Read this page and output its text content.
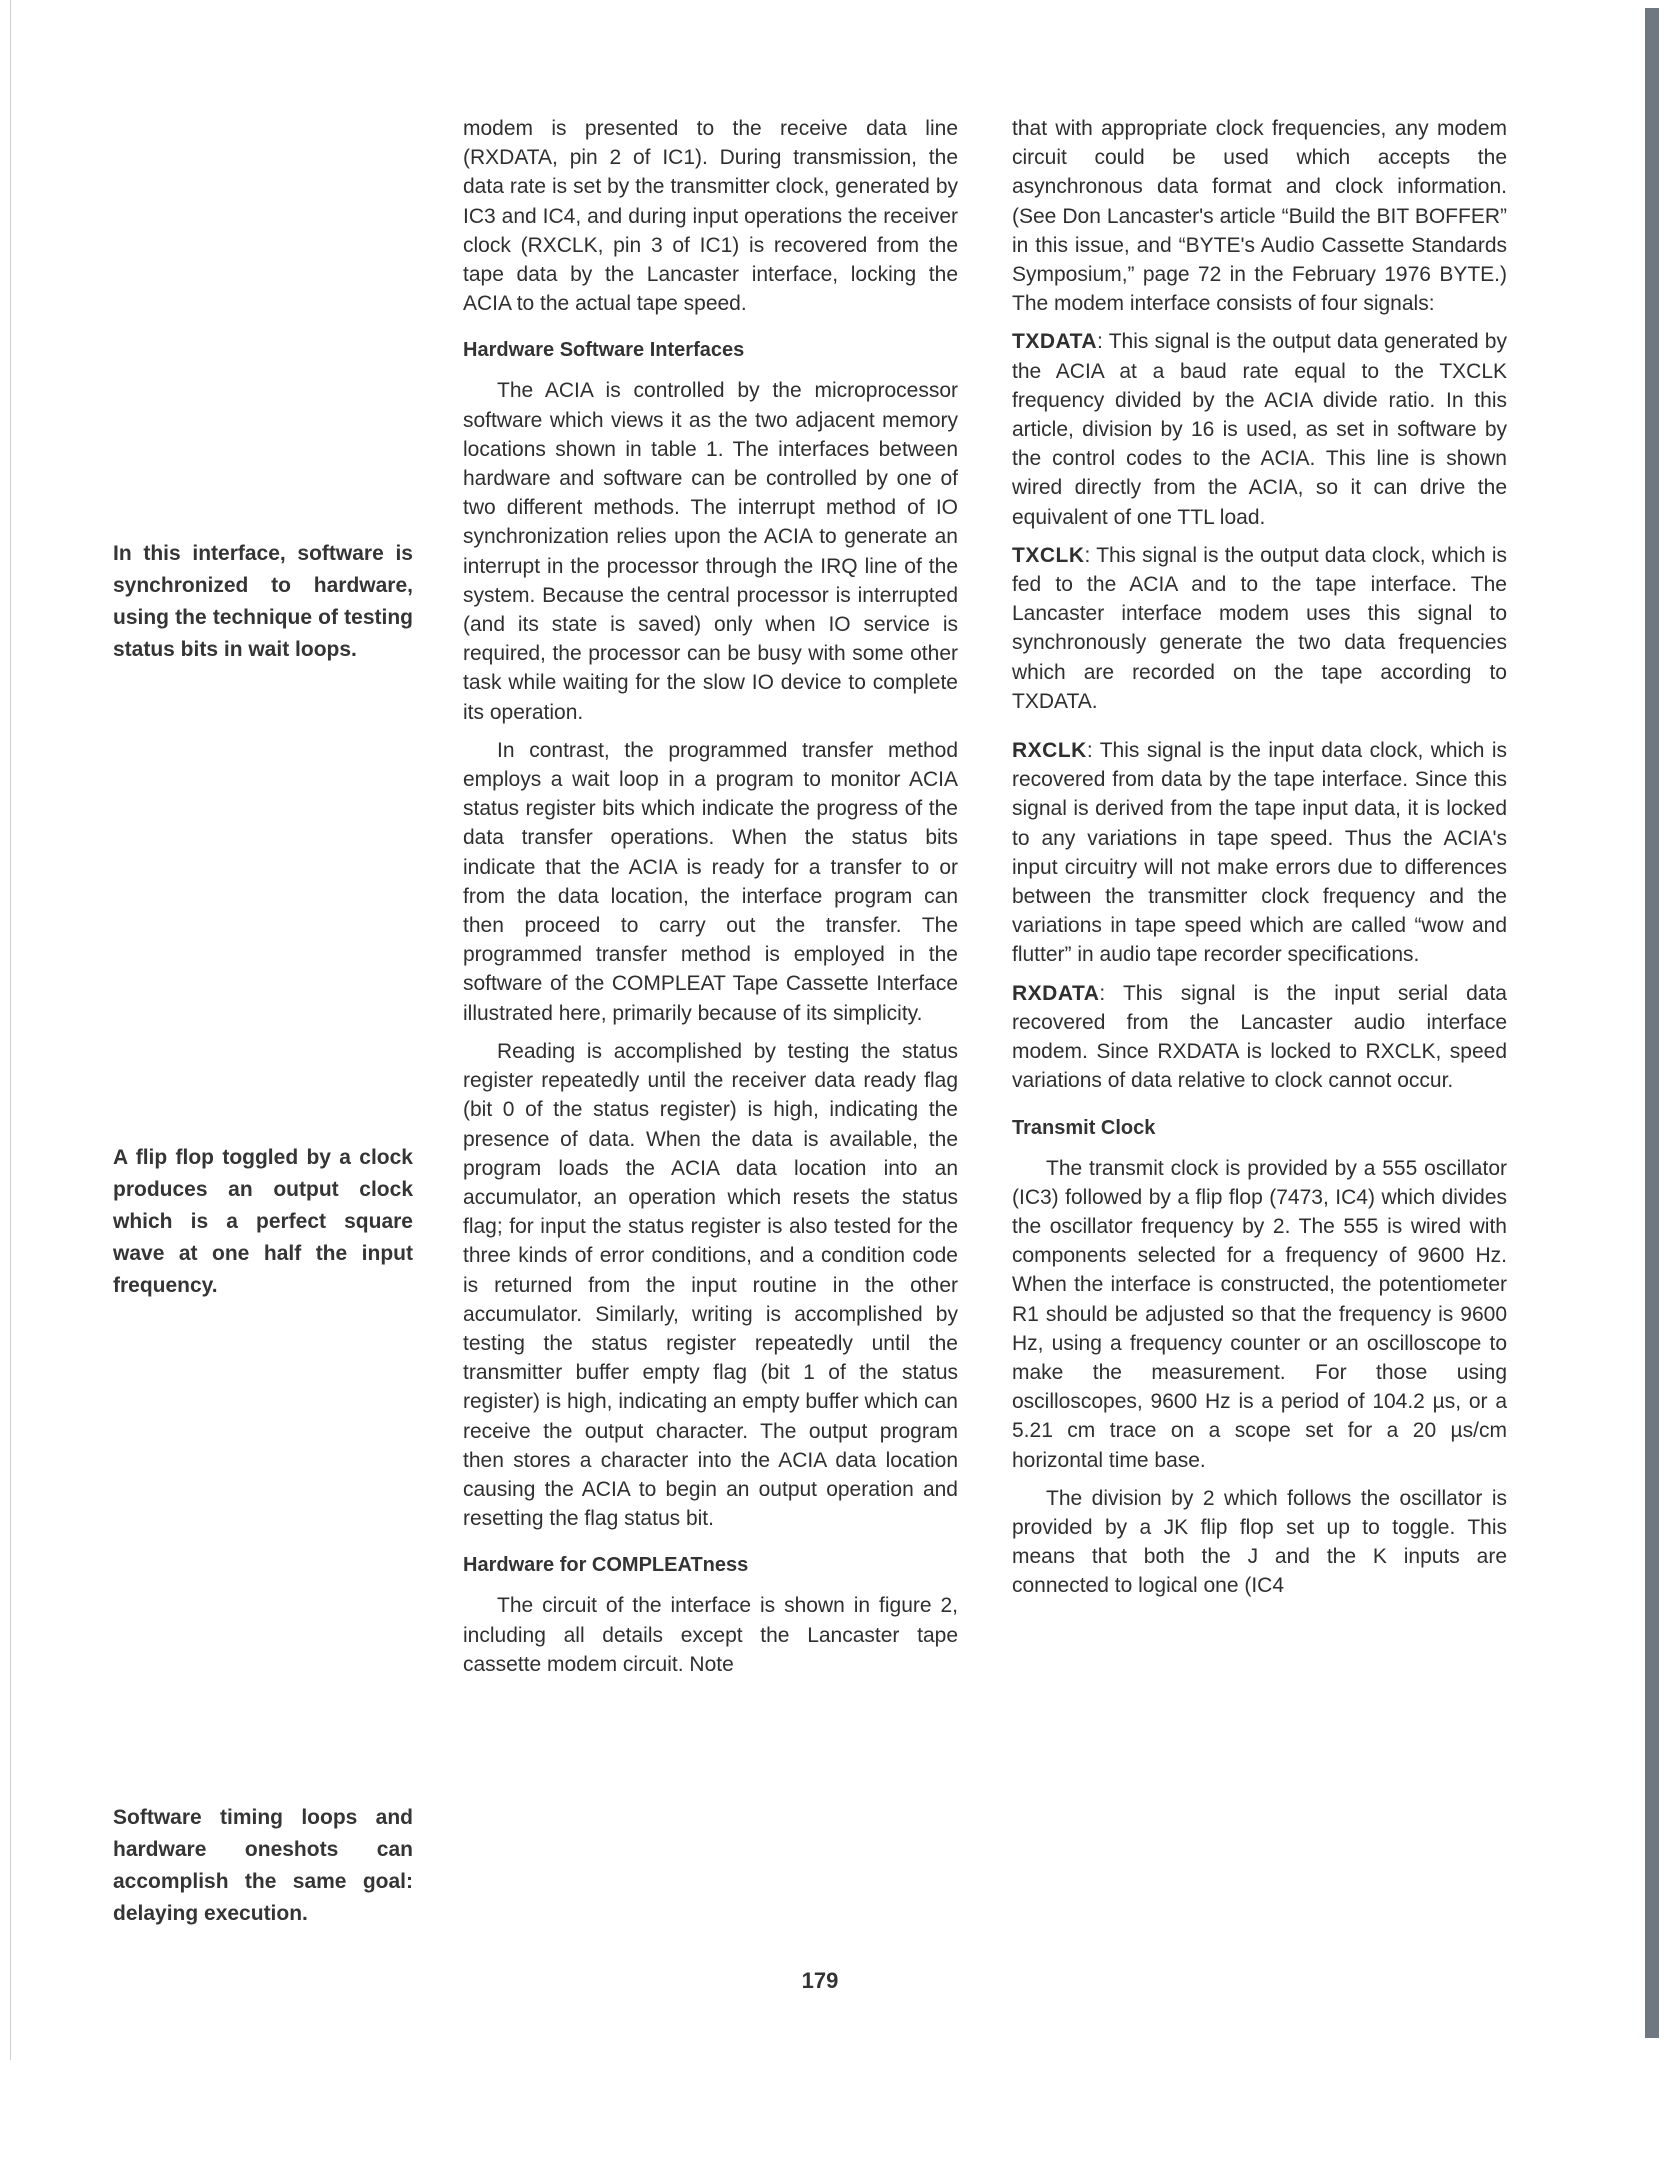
In this interface, software is synchronized to hardware, using the technique of testing status bits in wait loops.

A flip flop toggled by a clock produces an output clock which is a perfect square wave at one half the input frequency.

Software timing loops and hardware oneshots can accomplish the same goal: delaying execution.

modem is presented to the receive data line (RXDATA, pin 2 of IC1). During transmission, the data rate is set by the transmitter clock, generated by IC3 and IC4, and during input operations the receiver clock (RXCLK, pin 3 of IC1) is recovered from the tape data by the Lancaster interface, locking the ACIA to the actual tape speed.

Hardware Software Interfaces

The ACIA is controlled by the microprocessor software which views it as the two adjacent memory locations shown in table 1. The interfaces between hardware and software can be controlled by one of two different methods. The interrupt method of IO synchronization relies upon the ACIA to generate an interrupt in the processor through the IRQ line of the system. Because the central processor is interrupted (and its state is saved) only when IO service is required, the processor can be busy with some other task while waiting for the slow IO device to complete its operation.

In contrast, the programmed transfer method employs a wait loop in a program to monitor ACIA status register bits which indicate the progress of the data transfer operations. When the status bits indicate that the ACIA is ready for a transfer to or from the data location, the interface program can then proceed to carry out the transfer. The programmed transfer method is employed in the software of the COMPLEAT Tape Cassette Interface illustrated here, primarily because of its simplicity.

Reading is accomplished by testing the status register repeatedly until the receiver data ready flag (bit 0 of the status register) is high, indicating the presence of data. When the data is available, the program loads the ACIA data location into an accumulator, an operation which resets the status flag; for input the status register is also tested for the three kinds of error conditions, and a condition code is returned from the input routine in the other accumulator. Similarly, writing is accomplished by testing the status register repeatedly until the transmitter buffer empty flag (bit 1 of the status register) is high, indicating an empty buffer which can receive the output character. The output program then stores a character into the ACIA data location causing the ACIA to begin an output operation and resetting the flag status bit.

Hardware for COMPLEATness

The circuit of the interface is shown in figure 2, including all details except the Lancaster tape cassette modem circuit. Note

that with appropriate clock frequencies, any modem circuit could be used which accepts the asynchronous data format and clock information. (See Don Lancaster's article “Build the BIT BOFFER” in this issue, and “BYTE's Audio Cassette Standards Symposium,” page 72 in the February 1976 BYTE.) The modem interface consists of four signals:

TXDATA: This signal is the output data generated by the ACIA at a baud rate equal to the TXCLK frequency divided by the ACIA divide ratio. In this article, division by 16 is used, as set in software by the control codes to the ACIA. This line is shown wired directly from the ACIA, so it can drive the equivalent of one TTL load.

TXCLK: This signal is the output data clock, which is fed to the ACIA and to the tape interface. The Lancaster interface modem uses this signal to synchronously generate the two data frequencies which are recorded on the tape according to TXDATA.

RXCLK: This signal is the input data clock, which is recovered from data by the tape interface. Since this signal is derived from the tape input data, it is locked to any variations in tape speed. Thus the ACIA's input circuitry will not make errors due to differences between the transmitter clock frequency and the variations in tape speed which are called “wow and flutter” in audio tape recorder specifications.

RXDATA: This signal is the input serial data recovered from the Lancaster audio interface modem. Since RXDATA is locked to RXCLK, speed variations of data relative to clock cannot occur.

Transmit Clock

The transmit clock is provided by a 555 oscillator (IC3) followed by a flip flop (7473, IC4) which divides the oscillator frequency by 2. The 555 is wired with components selected for a frequency of 9600 Hz. When the interface is constructed, the potentiometer R1 should be adjusted so that the frequency is 9600 Hz, using a frequency counter or an oscilloscope to make the measurement. For those using oscilloscopes, 9600 Hz is a period of 104.2 µs, or a 5.21 cm trace on a scope set for a 20 µs/cm horizontal time base.

The division by 2 which follows the oscillator is provided by a JK flip flop set up to toggle. This means that both the J and the K inputs are connected to logical one (IC4

179
